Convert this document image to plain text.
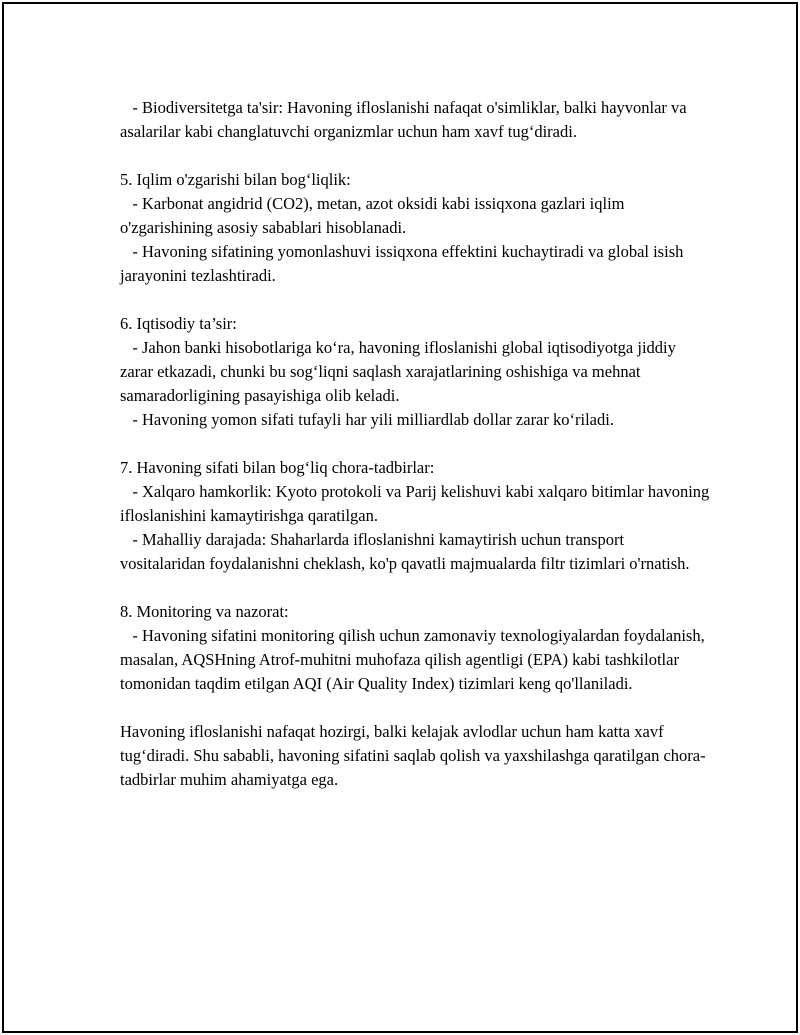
- Biodiversitetga ta'sir: Havoning ifloslanishi nafaqat o'simliklar, balki hayvonlar va asalarilar kabi changlatuvchi organizmlar uchun ham xavf tug‘diradi.

5. Iqlim o'zgarishi bilan bog‘liqlik:

- Karbonat angidrid (CO2), metan, azot oksidi kabi issiqxona gazlari iqlim o'zgarishining asosiy sabablari hisoblanadi.

- Havoning sifatining yomonlashuvi issiqxona effektini kuchaytiradi va global isish jarayonini tezlashtiradi.

6. Iqtisodiy ta’sir:

- Jahon banki hisobotlariga ko‘ra, havoning ifloslanishi global iqtisodiyotga jiddiy zarar etkazadi, chunki bu sog‘liqni saqlash xarajatlarining oshishiga va mehnat samaradorligining pasayishiga olib keladi.

- Havoning yomon sifati tufayli har yili milliardlab dollar zarar ko‘riladi.

7. Havoning sifati bilan bog‘liq chora-tadbirlar:

- Xalqaro hamkorlik: Kyoto protokoli va Parij kelishuvi kabi xalqaro bitimlar havoning ifloslanishini kamaytirishga qaratilgan.

- Mahalliy darajada: Shaharlarda ifloslanishni kamaytirish uchun transport vositalaridan foydalanishni cheklash, ko'p qavatli majmualarda filtr tizimlari o'rnatish.

8. Monitoring va nazorat:

- Havoning sifatini monitoring qilish uchun zamonaviy texnologiyalardan foydalanish, masalan, AQSHning Atrof-muhitni muhofaza qilish agentligi (EPA) kabi tashkilotlar tomonidan taqdim etilgan AQI (Air Quality Index) tizimlari keng qo'llaniladi.

Havoning ifloslanishi nafaqat hozirgi, balki kelajak avlodlar uchun ham katta xavf tug‘diradi. Shu sababli, havoning sifatini saqlab qolish va yaxshilashga qaratilgan chora-tadbirlar muhim ahamiyatga ega.
